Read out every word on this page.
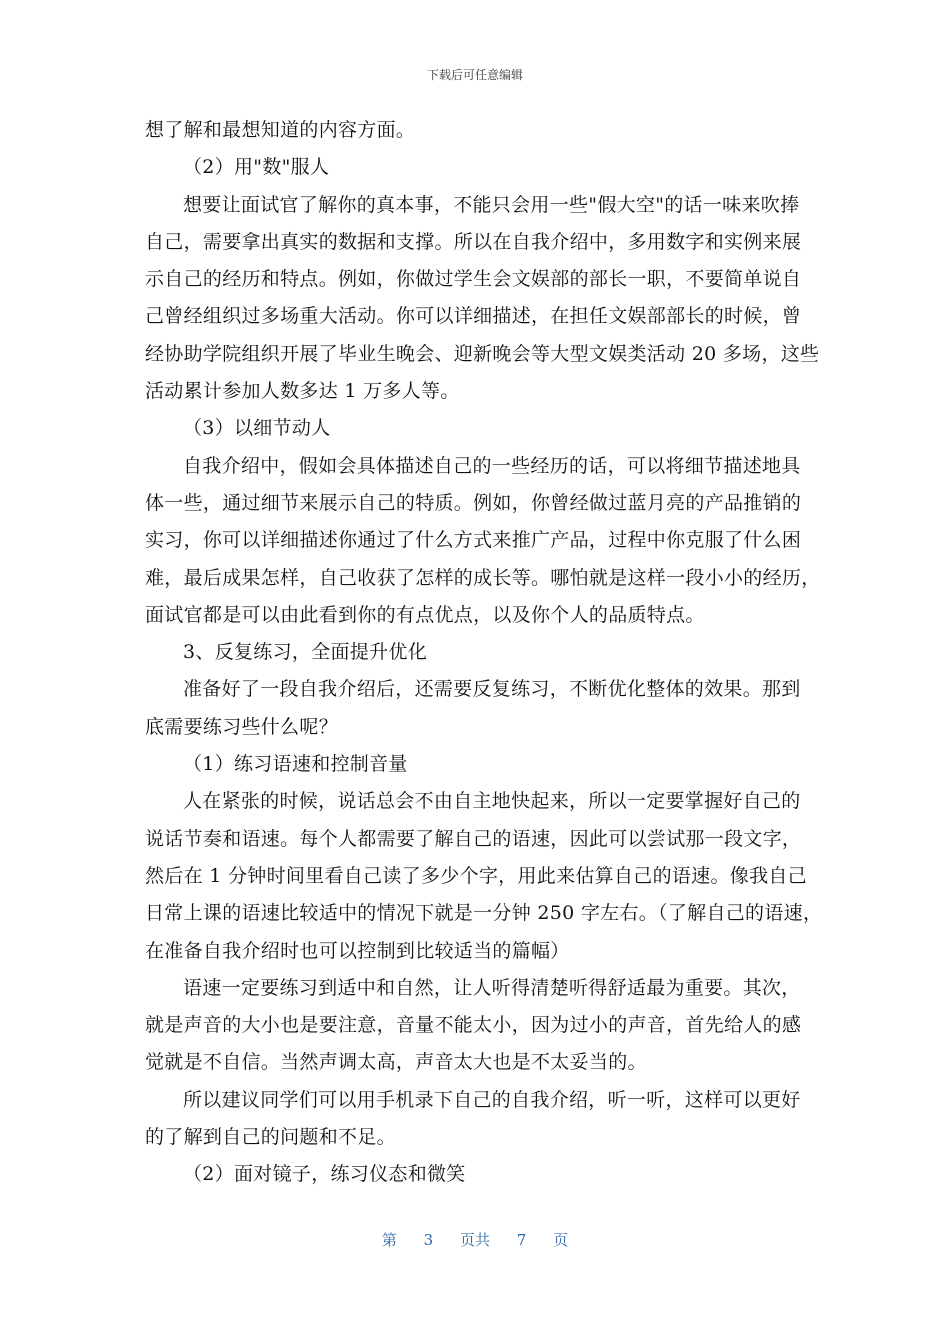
下载后可任意编辑
想了解和最想知道的内容方面。
（2）用"数"服人
想要让面试官了解你的真本事，不能只会用一些"假大空"的话一味来吹捧
自己，需要拿出真实的数据和支撑。所以在自我介绍中，多用数字和实例来展
示自己的经历和特点。例如，你做过学生会文娱部的部长一职，不要简单说自
己曾经组织过多场重大活动。你可以详细描述，在担任文娱部部长的时候，曾
经协助学院组织开展了毕业生晚会、迎新晚会等大型文娱类活动 20 多场，这些
活动累计参加人数多达 1 万多人等。
（3）以细节动人
自我介绍中，假如会具体描述自己的一些经历的话，可以将细节描述地具
体一些，通过细节来展示自己的特质。例如，你曾经做过蓝月亮的产品推销的
实习，你可以详细描述你通过了什么方式来推广产品，过程中你克服了什么困
难，最后成果怎样，自己收获了怎样的成长等。哪怕就是这样一段小小的经历，
面试官都是可以由此看到你的有点优点，以及你个人的品质特点。
3、反复练习，全面提升优化
准备好了一段自我介绍后，还需要反复练习，不断优化整体的效果。那到
底需要练习些什么呢？
（1）练习语速和控制音量
人在紧张的时候，说话总会不由自主地快起来，所以一定要掌握好自己的
说话节奏和语速。每个人都需要了解自己的语速，因此可以尝试那一段文字，
然后在 1 分钟时间里看自己读了多少个字，用此来估算自己的语速。像我自己
日常上课的语速比较适中的情况下就是一分钟 250 字左右。（了解自己的语速，
在准备自我介绍时也可以控制到比较适当的篇幅）
语速一定要练习到适中和自然，让人听得清楚听得舒适最为重要。其次，
就是声音的大小也是要注意，音量不能太小，因为过小的声音，首先给人的感
觉就是不自信。当然声调太高，声音太大也是不太妥当的。
所以建议同学们可以用手机录下自己的自我介绍，听一听，这样可以更好
的了解到自己的问题和不足。
（2）面对镜子，练习仪态和微笑
第 3 页共 7 页
